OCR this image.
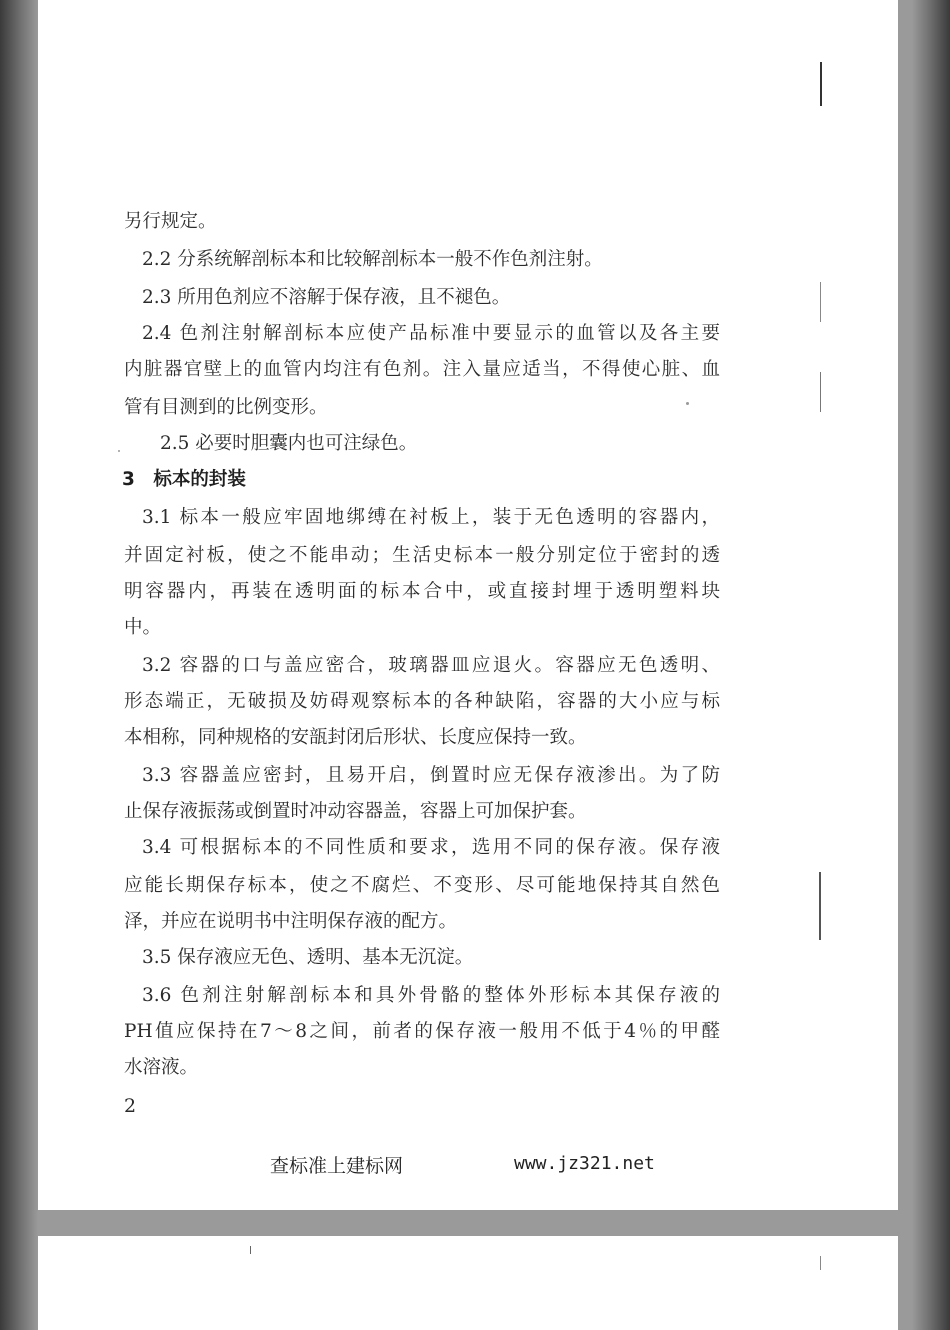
另行规定。
2.2 分系统解剖标本和比较解剖标本一般不作色剂注射。
2.3 所用色剂应不溶解于保存液，且不褪色。
2.4 色剂注射解剖标本应使产品标准中要显示的血管以及各主要
内脏器官壁上的血管内均注有色剂。注入量应适当，不得使心脏、血
管有目测到的比例变形。
2.5 必要时胆囊内也可注绿色。
3　标本的封装
3.1 标本一般应牢固地绑缚在衬板上，装于无色透明的容器内，
并固定衬板，使之不能串动；生活史标本一般分别定位于密封的透
明容器内，再装在透明面的标本合中，或直接封埋于透明塑料块
中。
3.2 容器的口与盖应密合，玻璃器皿应退火。容器应无色透明、
形态端正，无破损及妨碍观察标本的各种缺陷，容器的大小应与标
本相称，同种规格的安瓿封闭后形状、长度应保持一致。
3.3 容器盖应密封，且易开启，倒置时应无保存液渗出。为了防
止保存液振荡或倒置时冲动容器盖，容器上可加保护套。
3.4 可根据标本的不同性质和要求，选用不同的保存液。保存液
应能长期保存标本，使之不腐烂、不变形、尽可能地保持其自然色
泽，并应在说明书中注明保存液的配方。
3.5 保存液应无色、透明、基本无沉淀。
3.6 色剂注射解剖标本和具外骨骼的整体外形标本其保存液的
PH值应保持在7～8之间，前者的保存液一般用不低于4％的甲醛
水溶液。
2
查标准上建标网	www.jz321.net
